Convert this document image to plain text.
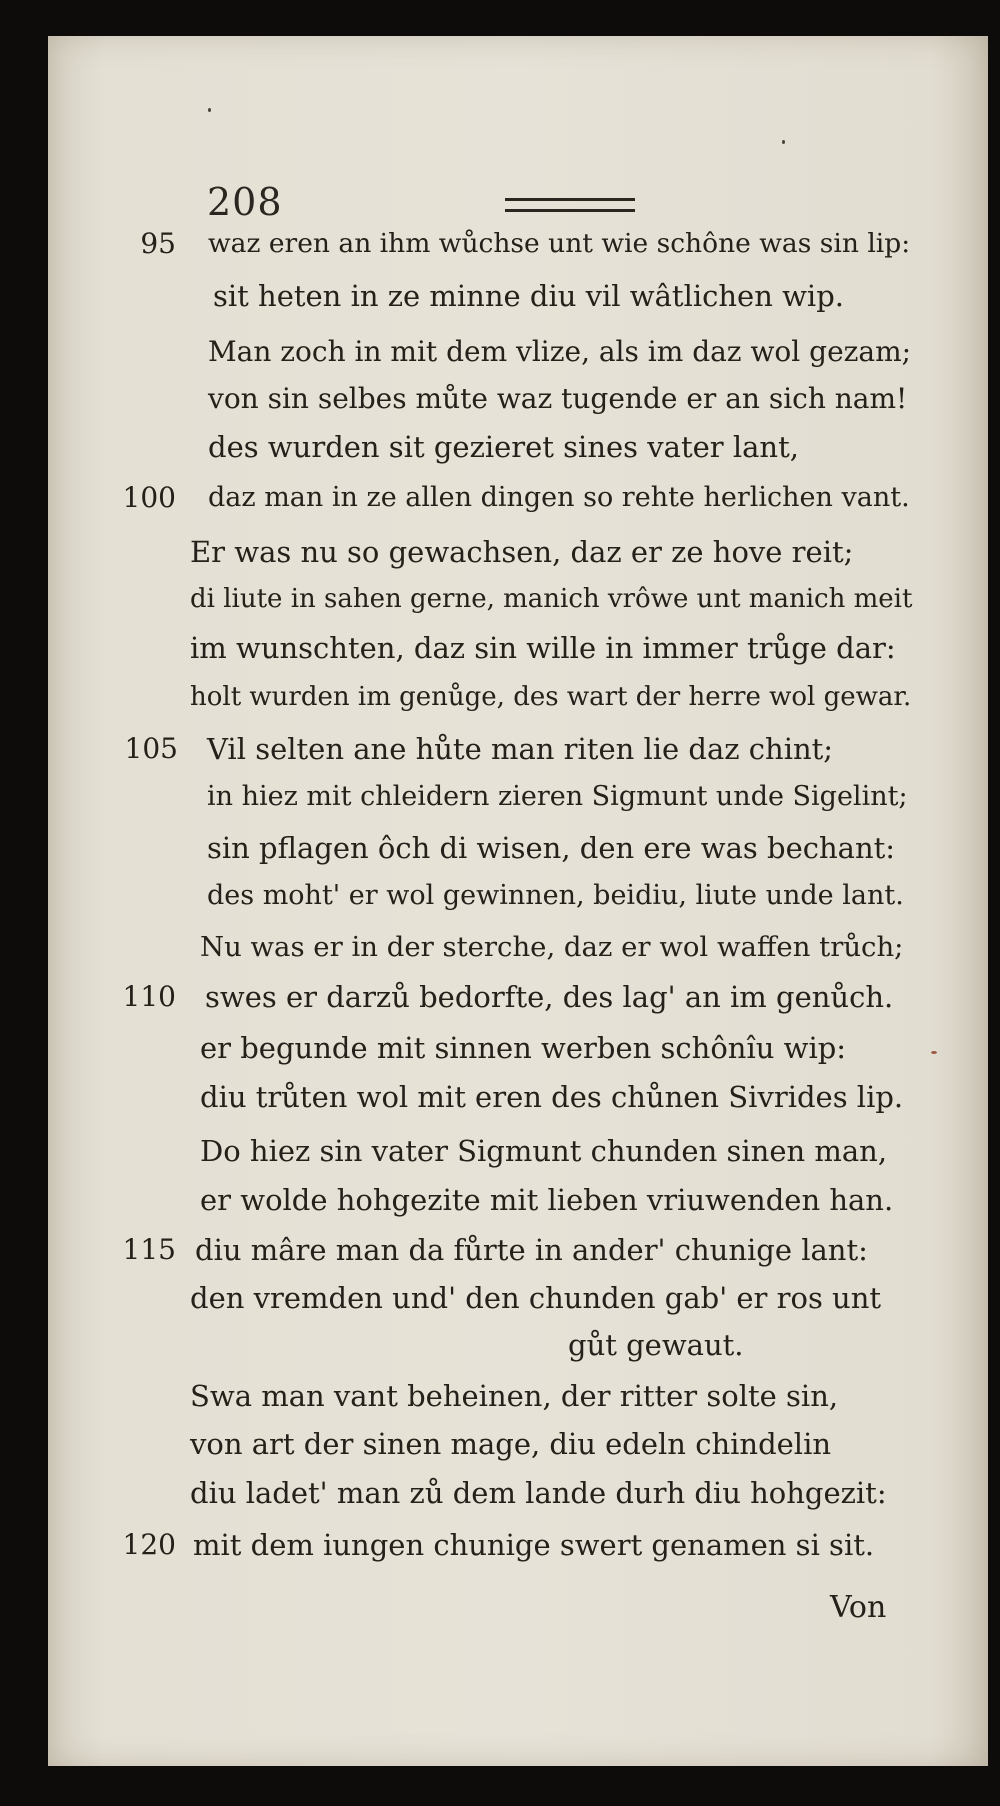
208
95 waz eren an ihm wůchse unt wie schône was sin lip:
sit heten in ze minne diu vil wâtlichen wip.
Man zoch in mit dem vlize, als im daz wol gezam;
von sin selbes můte waz tugende er an sich nam!
des wurden sit gezieret sines vater lant,
100 daz man in ze allen dingen so rehte herlichen vant.
Er was nu so gewachsen, daz er ze hove reit;
di liute in sahen gerne, manich vrôwe unt manich meit
im wunschten, daz sin wille in immer trůge dar:
holt wurden im genůge, des wart der herre wol gewar.
105 Vil selten ane hůte man riten lie daz chint;
in hiez mit chleidern zieren Sigmunt unde Sigelint;
sin pflagen ôch di wisen, den ere was bechant:
des moht' er wol gewinnen, beidiu, liute unde lant.
Nu was er in der sterche, daz er wol waffen trůch;
110 swes er darzů bedorfte, des lag' an im genůch.
er begunde mit sinnen werben schônîu wip:
diu trůten wol mit eren des chůnen Sivrides lip.
Do hiez sin vater Sigmunt chunden sinen man,
er wolde hohgezite mit lieben vriuwenden han.
115 diu mâre man da fůrte in ander' chunige lant:
den vremden und' den chunden gab' er ros unt
gůt gewaut.
Swa man vant beheinen, der ritter solte sin,
von art der sinen mage, diu edeln chindelin
diu ladet' man zů dem lande durh diu hohgezit:
120 mit dem iungen chunige swert genamen si sit.
Von
